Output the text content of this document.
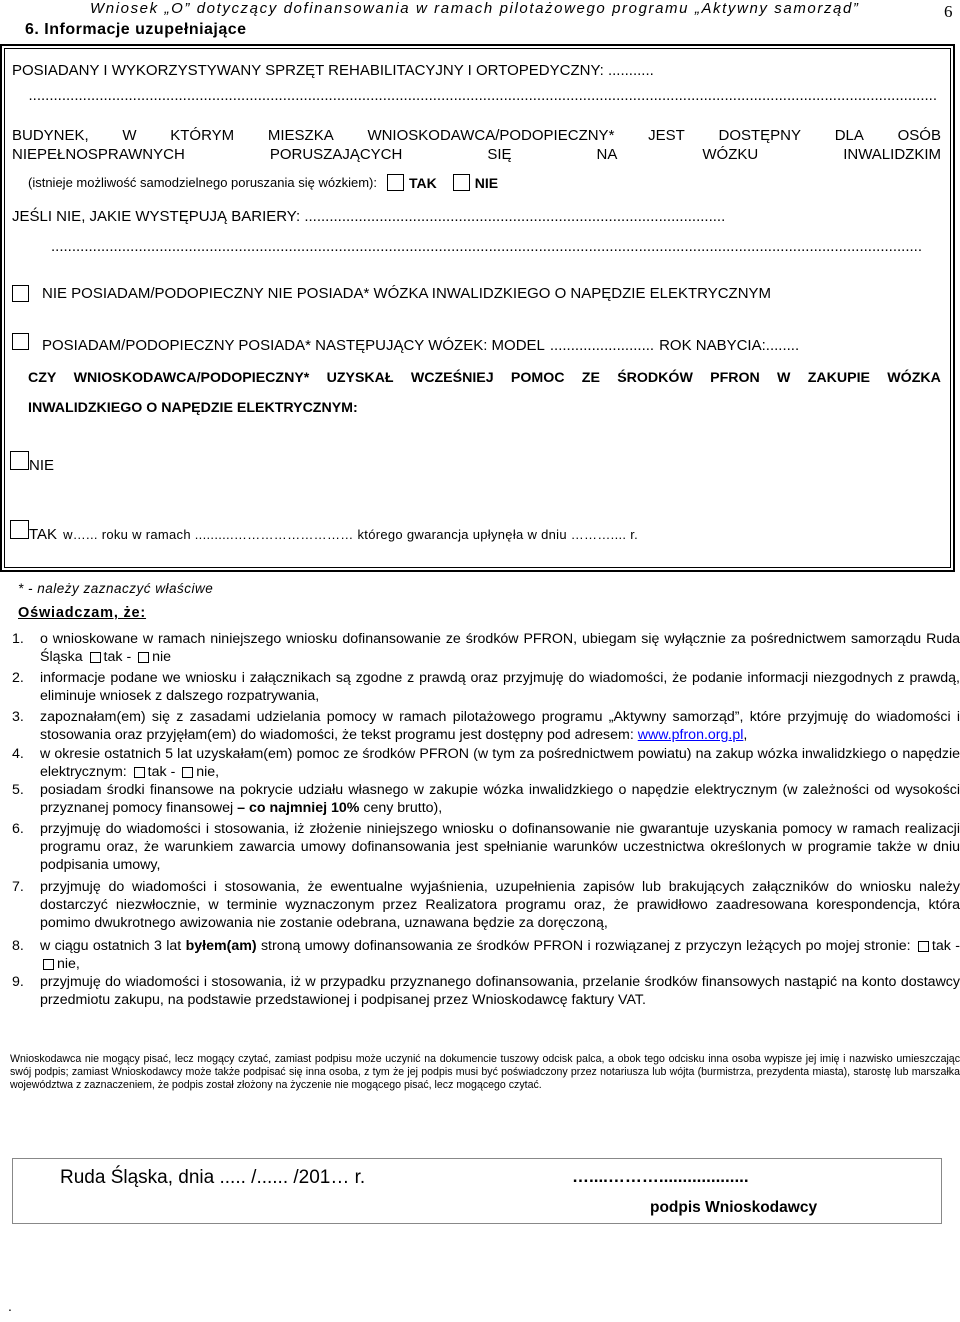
Wniosek „O” dotyczący dofinansowania w ramach pilotażowego programu „Aktywny samorząd”
6. Informacje uzupełniające
6
POSIADANY I WYKORZYSTYWANY SPRZĘT REHABILITACYJNY I ORTOPEDYCZNY: ...........
..........................................................................................................................................................................................................................
BUDYNEK, W KTÓRYM MIESZKA WNIOSKODAWCA/PODOPIECZNY* JEST DOSTĘPNY DLA OSÓB
NIEPEŁNOSPRAWNYCH	PORUSZAJĄCYCH	SIĘ	NA	WÓZKU	INWALIDZKIM
(istnieje możliwość samodzielnego poruszania się wózkiem): TAK	NIE
JEŚLI NIE, JAKIE WYSTĘPUJĄ BARIERY: .....................................................................................................
.................................................................................................................................................................................................................
NIE POSIADAM/PODOPIECZNY NIE POSIADA* WÓZKA INWALIDZKIEGO O NAPĘDZIE ELEKTRYCZNYM
POSIADAM/PODOPIECZNY POSIADA* NASTĘPUJĄCY WÓZEK: MODEL ......................... ROK NABYCIA: ........
CZY WNIOSKODAWCA/PODOPIECZNY* UZYSKAŁ WCZEŚNIEJ POMOC ZE ŚRODKÓW PFRON W ZAKUPIE WÓZKA
INWALIDZKIEGO O NAPĘDZIE ELEKTRYCZNYM:
NIE
TAK w…... roku w ramach ..........……………………… którego gwarancja upłynęła w dniu ……….... r.
* - należy zaznaczyć właściwe
Oświadczam, że:
1. o wnioskowane w ramach niniejszego wniosku dofinansowanie ze środków PFRON, ubiegam się wyłącznie za pośrednictwem samorządu Ruda Śląska tak - nie
2. informacje podane we wniosku i załącznikach są zgodne z prawdą oraz przyjmuję do wiadomości, że podanie informacji niezgodnych z prawdą, eliminuje wniosek z dalszego rozpatrywania,
3. zapoznałam(em) się z zasadami udzielania pomocy w ramach pilotażowego programu „Aktywny samorząd”, które przyjmuję do wiadomości i stosowania oraz przyjęłam(em) do wiadomości, że tekst programu jest dostępny pod adresem: www.pfron.org.pl,
4. w okresie ostatnich 5 lat uzyskałam(em) pomoc ze środków PFRON (w tym za pośrednictwem powiatu) na zakup wózka inwalidzkiego o napędzie elektrycznym: tak - nie,
5. posiadam środki finansowe na pokrycie udziału własnego w zakupie wózka inwalidzkiego o napędzie elektrycznym (w zależności od wysokości przyznanej pomocy finansowej – co najmniej 10% ceny brutto),
6. przyjmuję do wiadomości i stosowania, iż złożenie niniejszego wniosku o dofinansowanie nie gwarantuje uzyskania pomocy w ramach realizacji programu oraz, że warunkiem zawarcia umowy dofinansowania jest spełnianie warunków uczestnictwa określonych w programie także w dniu podpisania umowy,
7. przyjmuję do wiadomości i stosowania, że ewentualne wyjaśnienia, uzupełnienia zapisów lub brakujących załączników do wniosku należy dostarczyć niezwłocznie, w terminie wyznaczonym przez Realizatora programu oraz, że prawidłowo zaadresowana korespondencja, która pomimo dwukrotnego awizowania nie zostanie odebrana, uznawana będzie za doręczoną,
8. w ciągu ostatnich 3 lat byłem(am) stroną umowy dofinansowania ze środków PFRON i rozwiązanej z przyczyn leżących po mojej stronie: tak - nie,
9. przyjmuję do wiadomości i stosowania, iż w przypadku przyznanego dofinansowania, przelanie środków finansowych nastąpić na konto dostawcy przedmiotu zakupu, na podstawie przedstawionej i podpisanej przez Wnioskodawcę faktury VAT.
Wnioskodawca nie mogący pisać, lecz mogący czytać, zamiast podpisu może uczynić na dokumencie tuszowy odcisk palca, a obok tego odcisku inna osoba wypisze jej imię i nazwisko umieszczając swój podpis; zamiast Wnioskodawcy może także podpisać się inna osoba, z tym że jej podpis musi być poświadczony przez notariusza lub wójta (burmistrza, prezydenta miasta), starostę lub marszałka województwa z zaznaczeniem, że podpis został złożony na życzenie nie mogącego pisać, lecz mogącego czytać.
Ruda Śląska, dnia ..... /...... /201… r.	…....………...................
podpis Wnioskodawcy
.
